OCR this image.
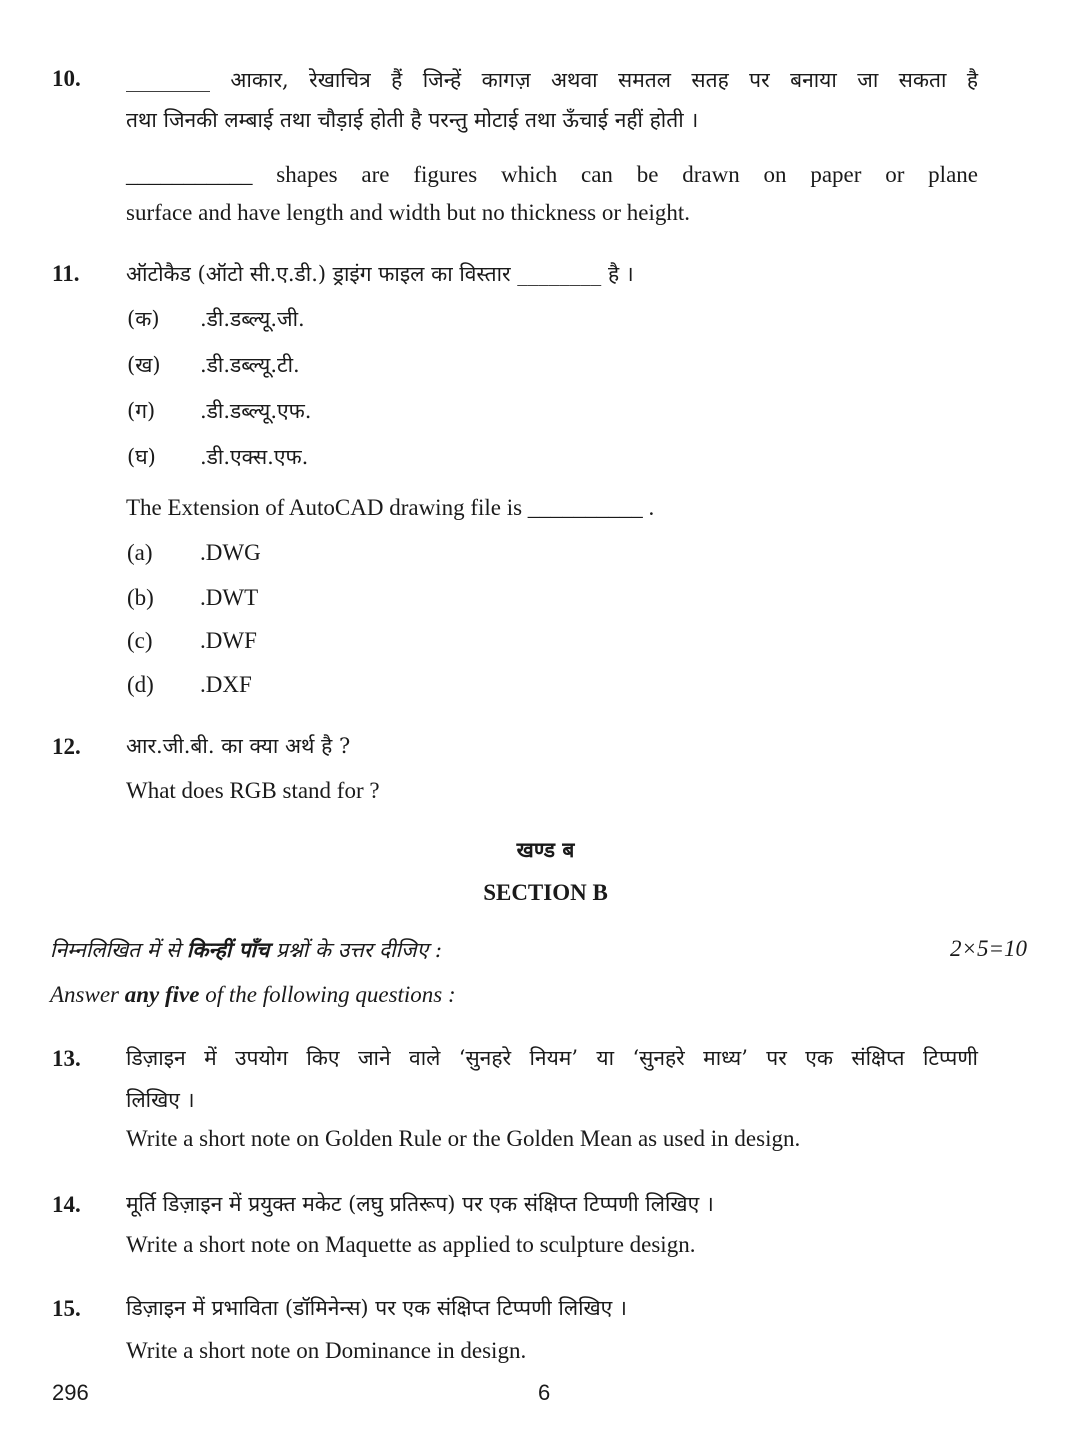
10. ________ आकार, रेखाचित्र हैं जिन्हें कागज़ अथवा समतल सतह पर बनाया जा सकता है
तथा जिनकी लम्बाई तथा चौड़ाई होती है परन्तु मोटाई तथा ऊँचाई नहीं होती ।
___________ shapes are figures which can be drawn on paper or plane
surface and have length and width but no thickness or height.
11. ऑटोकैड (ऑटो सी.ए.डी.) ड्राइंग फाइल का विस्तार ________ है ।
(क) .डी.डब्ल्यू.जी.
(ख) .डी.डब्ल्यू.टी.
(ग) .डी.डब्ल्यू.एफ.
(घ) .डी.एक्स.एफ.
The Extension of AutoCAD drawing file is __________ .
(a) .DWG
(b) .DWT
(c) .DWF
(d) .DXF
12. आर.जी.बी. का क्या अर्थ है ?
What does RGB stand for ?
खण्ड ब
SECTION B
निम्नलिखित में से किन्हीं पाँच प्रश्नों के उत्तर दीजिए :	2×5=10
Answer any five of the following questions :
13. डिज़ाइन में उपयोग किए जाने वाले ‘सुनहरे नियम’ या ‘सुनहरे माध्य’ पर एक संक्षिप्त टिप्पणी
लिखिए ।
Write a short note on Golden Rule or the Golden Mean as used in design.
14. मूर्ति डिज़ाइन में प्रयुक्त मकेट (लघु प्रतिरूप) पर एक संक्षिप्त टिप्पणी लिखिए ।
Write a short note on Maquette as applied to sculpture design.
15. डिज़ाइन में प्रभाविता (डॉमिनेन्स) पर एक संक्षिप्त टिप्पणी लिखिए ।
Write a short note on Dominance in design.
296	6
